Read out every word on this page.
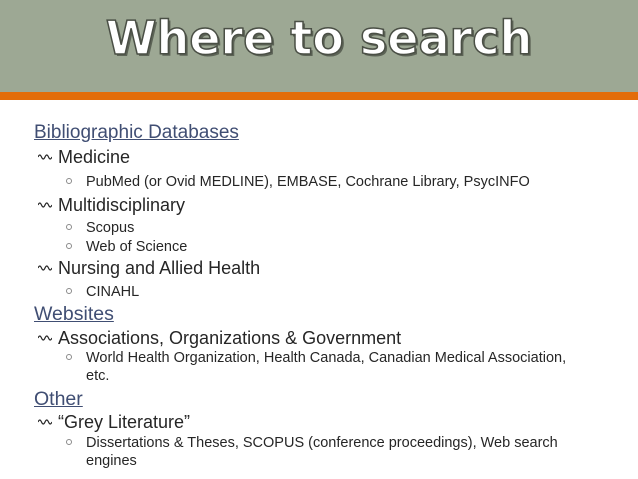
Where to search
Bibliographic Databases
Medicine
PubMed (or Ovid MEDLINE), EMBASE, Cochrane Library, PsycINFO
Multidisciplinary
Scopus
Web of Science
Nursing and Allied Health
CINAHL
Websites
Associations, Organizations & Government
World Health Organization, Health Canada, Canadian Medical Association, etc.
Other
“Grey Literature”
Dissertations & Theses, SCOPUS (conference proceedings), Web search engines
